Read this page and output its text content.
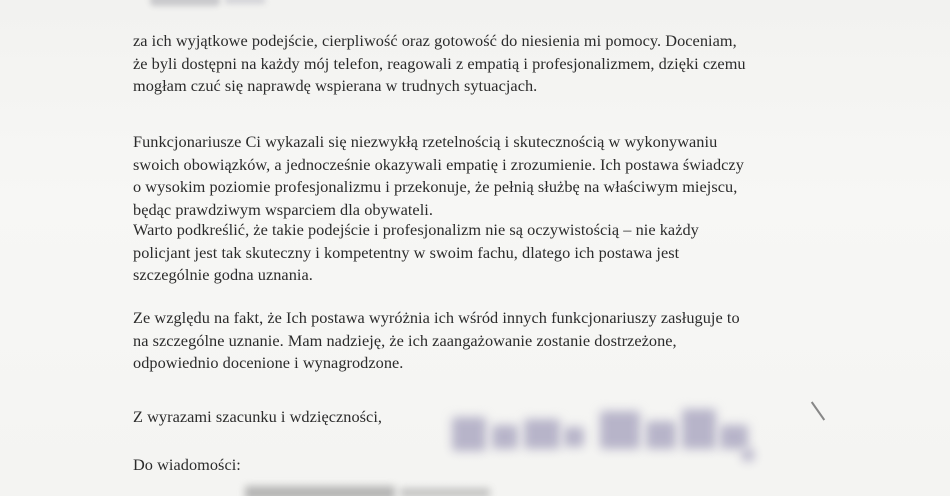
za ich wyjątkowe podejście, cierpliwość oraz gotowość do niesienia mi pomocy. Doceniam,
że byli dostępni na każdy mój telefon, reagowali z empatią i profesjonalizmem, dzięki czemu
mogłam czuć się naprawdę wspierana w trudnych sytuacjach.

Funkcjonariusze Ci wykazali się niezwykłą rzetelnością i skutecznością w wykonywaniu
swoich obowiązków, a jednocześnie okazywali empatię i zrozumienie. Ich postawa świadczy
o wysokim poziomie profesjonalizmu i przekonuje, że pełnią służbę na właściwym miejscu,
będąc prawdziwym wsparciem dla obywateli.

Warto podkreślić, że takie podejście i profesjonalizm nie są oczywistością – nie każdy
policjant jest tak skuteczny i kompetentny w swoim fachu, dlatego ich postawa jest
szczególnie godna uznania.

Ze względu na fakt, że Ich postawa wyróżnia ich wśród innych funkcjonariuszy zasługuje to
na szczególne uznanie. Mam nadzieję, że ich zaangażowanie zostanie dostrzeżone,
odpowiednio docenione i wynagrodzone.

Z wyrazami szacunku i wdzięczności,

Do wiadomości:
